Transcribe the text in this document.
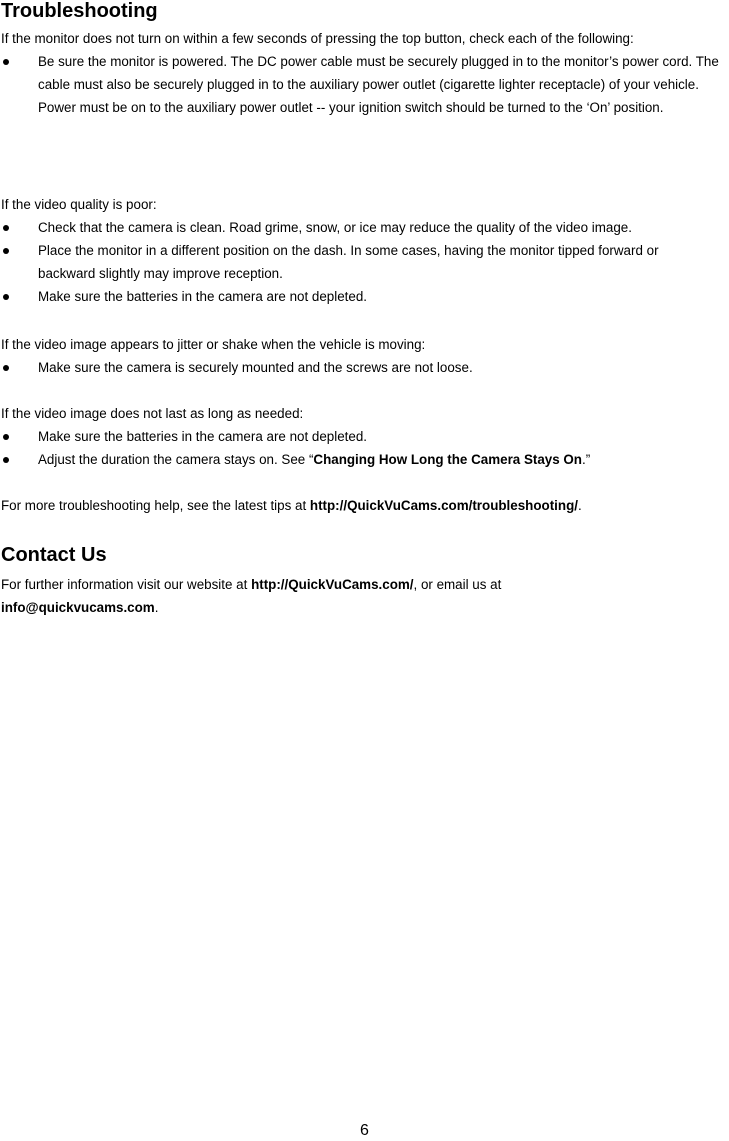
Troubleshooting

If the monitor does not turn on within a few seconds of pressing the top button, check each of the following:

Be sure the monitor is powered. The DC power cable must be securely plugged in to the monitor’s power cord. The cable must also be securely plugged in to the auxiliary power outlet (cigarette lighter receptacle) of your vehicle. Power must be on to the auxiliary power outlet -- your ignition switch should be turned to the ‘On’ position.

If the video quality is poor:

Check that the camera is clean. Road grime, snow, or ice may reduce the quality of the video image.
Place the monitor in a different position on the dash. In some cases, having the monitor tipped forward or backward slightly may improve reception.
Make sure the batteries in the camera are not depleted.

If the video image appears to jitter or shake when the vehicle is moving:

Make sure the camera is securely mounted and the screws are not loose.

If the video image does not last as long as needed:

Make sure the batteries in the camera are not depleted.
Adjust the duration the camera stays on. See “Changing How Long the Camera Stays On.”

For more troubleshooting help, see the latest tips at http://QuickVuCams.com/troubleshooting/.

Contact Us

For further information visit our website at http://QuickVuCams.com/, or email us at
info@quickvucams.com.

6
